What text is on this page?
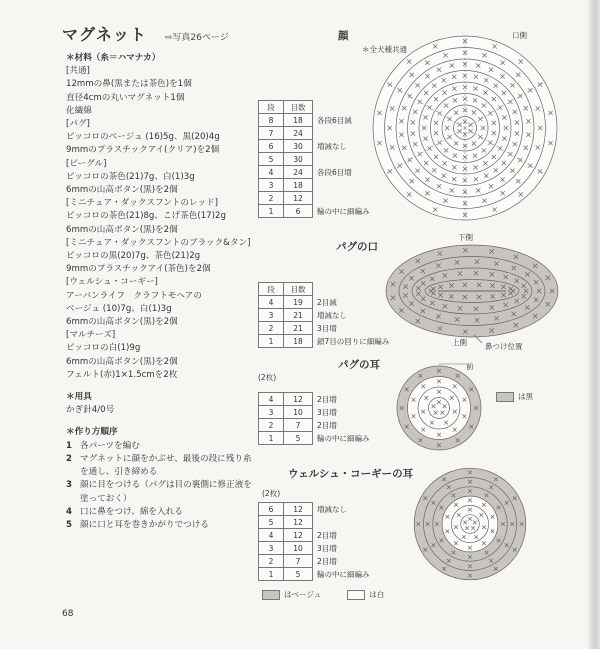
マグネット ⇨写真26ページ
＊材料（糸＝ハマナカ）
[共通]
12mmの鼻(黒または茶色)を1個
直径4cmの丸いマグネット1個
化繊綿
[パグ]
ピッコロのベージュ (16)5g、黒(20)4g
9mmのプラスチックアイ(クリア)を2個
[ビーグル]
ピッコロの茶色(21)7g、白(1)3g
6mmの山高ボタン(黒)を2個
[ミニチュア・ダックスフントのレッド]
ピッコロの茶色(21)8g、こげ茶色(17)2g
6mmの山高ボタン(黒)を2個
[ミニチュア・ダックスフントのブラック&タン]
ピッコロの黒(20)7g、茶色(21)2g
9mmのプラスチックアイ(茶色)を2個
[ウェルシュ・コーギー]
アーバンライフ　クラフトモヘアの
ベージュ (10)7g、白(1)3g
6mmの山高ボタン(黒)を2個
[マルチーズ]
ピッコロの白(1)9g
6mmの山高ボタン(黒)を2個
フェルト(赤)1×1.5cmを2枚
＊用具
かぎ針4/0号
＊作り方順序
1 各パーツを編む
2 マグネットに顔をかぶせ、最後の段に残り糸を通し、引き締める
3 顔に目をつける（パグは目の裏側に修正液を塗っておく）
4 口に鼻をつけ、綿を入れる
5 顔に口と耳を巻きかがりでつける
68
顔
＊全犬種共通
口側
段	目数	
8	18	各段6目減
7	24	
6	30	増減なし
5	30	
4	24	各段6目増
3	18	
2	12	
1	6	輪の中に細編み
パグの口
下側
上側 鼻つけ位置
段	目数	
4	19	2目減
3	21	増減なし
2	21	3目増
1	18	鎖7目の回りに細編み
パグの耳
(2枚)
前
4	12	2目増
3	10	3目増
2	7	2目増
1	5	輪の中に細編み
は黒
ウェルシュ・コーギーの耳
(2枚)
6	12	増減なし
5	12	
4	12	2目増
3	10	3目増
2	7	2目増
1	5	輪の中に細編み
はベージュ	は白
